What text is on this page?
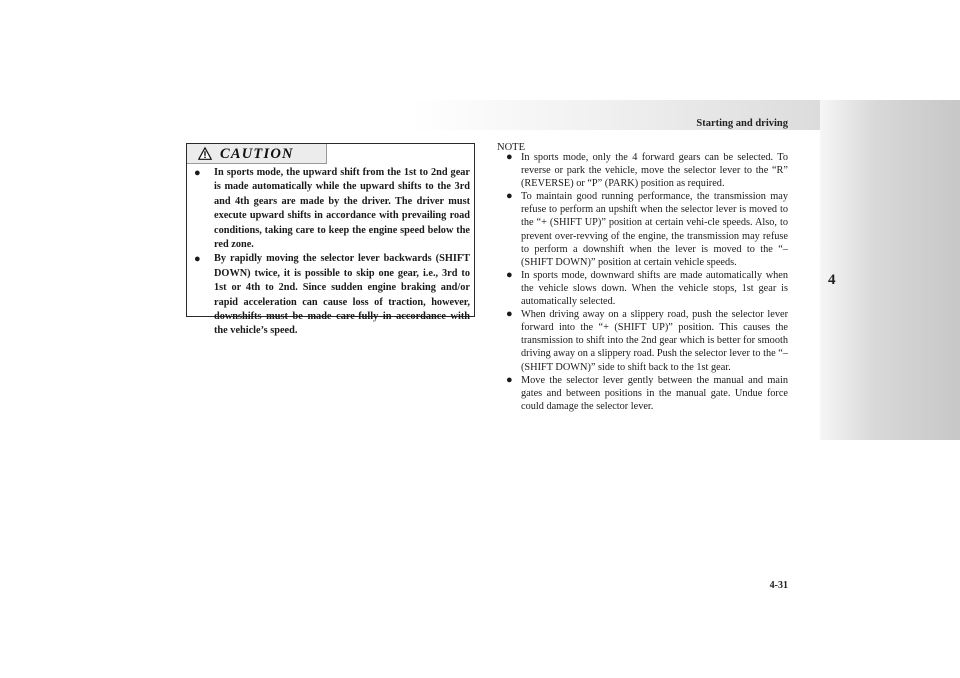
Starting and driving
4
CAUTION
● In sports mode, the upward shift from the 1st to 2nd gear is made automatically while the upward shifts to the 3rd and 4th gears are made by the driver. The driver must execute upward shifts in accordance with prevailing road conditions, taking care to keep the engine speed below the red zone.
● By rapidly moving the selector lever backwards (SHIFT DOWN) twice, it is possible to skip one gear, i.e., 3rd to 1st or 4th to 2nd. Since sudden engine braking and/or rapid acceleration can cause loss of traction, however, downshifts must be made care-fully in accordance with the vehicle’s speed.
NOTE
● In sports mode, only the 4 forward gears can be selected. To reverse or park the vehicle, move the selector lever to the “R” (REVERSE) or “P” (PARK) position as required.
● To maintain good running performance, the transmission may refuse to perform an upshift when the selector lever is moved to the “+ (SHIFT UP)” position at certain vehi-cle speeds. Also, to prevent over-revving of the engine, the transmission may refuse to perform a downshift when the lever is moved to the “– (SHIFT DOWN)” position at certain vehicle speeds.
● In sports mode, downward shifts are made automatically when the vehicle slows down. When the vehicle stops, 1st gear is automatically selected.
● When driving away on a slippery road, push the selector lever forward into the “+ (SHIFT UP)” position. This causes the transmission to shift into the 2nd gear which is better for smooth driving away on a slippery road. Push the selector lever to the “– (SHIFT DOWN)” side to shift back to the 1st gear.
● Move the selector lever gently between the manual and main gates and between positions in the manual gate. Undue force could damage the selector lever.
4-31
